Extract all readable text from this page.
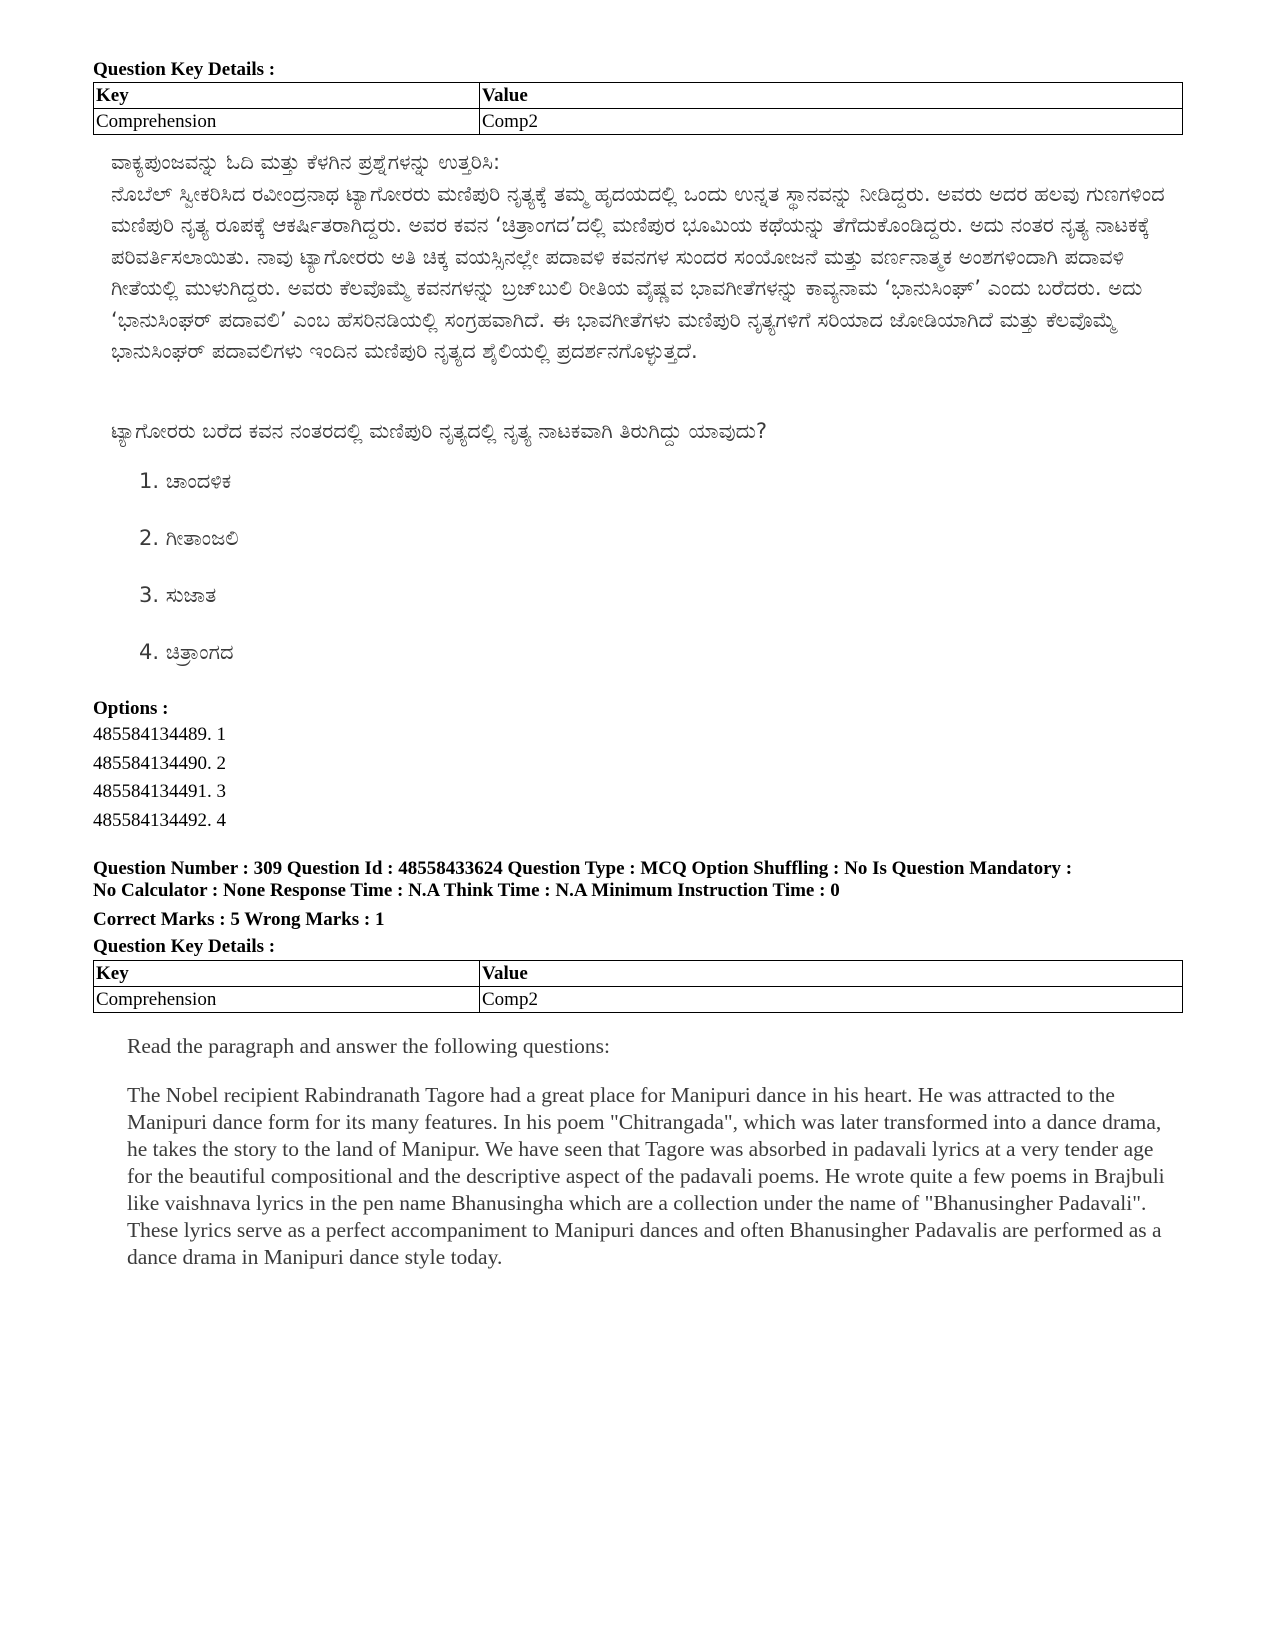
Question Key Details :
Key	Value
Comprehension	Comp2
ವಾಕ್ಯಪುಂಜವನ್ನು ಓದಿ ಮತ್ತು ಕೆಳಗಿನ ಪ್ರಶ್ನೆಗಳನ್ನು ಉತ್ತರಿಸಿ:
ನೊಬೆಲ್ ಸ್ವೀಕರಿಸಿದ ರವೀಂದ್ರನಾಥ ಟ್ಯಾಗೋರರು ಮಣಿಪುರಿ ನೃತ್ಯಕ್ಕೆ ತಮ್ಮ ಹೃದಯದಲ್ಲಿ ಒಂದು ಉನ್ನತ ಸ್ಥಾನವನ್ನು ನೀಡಿದ್ದರು. ಅವರು ಅದರ ಹಲವು ಗುಣಗಳಿಂದ ಮಣಿಪುರಿ ನೃತ್ಯ ರೂಪಕ್ಕೆ ಆಕರ್ಷಿತರಾಗಿದ್ದರು. ಅವರ ಕವನ ‘ಚಿತ್ರಾಂಗದ’ದಲ್ಲಿ ಮಣಿಪುರ ಭೂಮಿಯ ಕಥೆಯನ್ನು ತೆಗೆದುಕೊಂಡಿದ್ದರು. ಅದು ನಂತರ ನೃತ್ಯ ನಾಟಕಕ್ಕೆ ಪರಿವರ್ತಿಸಲಾಯಿತು. ನಾವು ಟ್ಯಾಗೋರರು ಅತಿ ಚಿಕ್ಕ ವಯಸ್ಸಿನಲ್ಲೇ ಪದಾವಳಿ ಕವನಗಳ ಸುಂದರ ಸಂಯೋಜನೆ ಮತ್ತು ವರ್ಣನಾತ್ಮಕ ಅಂಶಗಳಿಂದಾಗಿ ಪದಾವಳಿ ಗೀತೆಯಲ್ಲಿ ಮುಳುಗಿದ್ದರು. ಅವರು ಕೆಲವೊಮ್ಮೆ ಕವನಗಳನ್ನು ಬ್ರಜ್‌ಬುಲಿ ರೀತಿಯ ವೈಷ್ಣವ ಭಾವಗೀತೆಗಳನ್ನು ಕಾವ್ಯನಾಮ ‘ಭಾನುಸಿಂಘ್’ ಎಂದು ಬರೆದರು. ಅದು ‘ಭಾನುಸಿಂಘರ್ ಪದಾವಲಿ’ ಎಂಬ ಹೆಸರಿನಡಿಯಲ್ಲಿ ಸಂಗ್ರಹವಾಗಿದೆ. ಈ ಭಾವಗೀತೆಗಳು ಮಣಿಪುರಿ ನೃತ್ಯಗಳಿಗೆ ಸರಿಯಾದ ಜೋಡಿಯಾಗಿದೆ ಮತ್ತು ಕೆಲವೊಮ್ಮೆ ಭಾನುಸಿಂಘರ್ ಪದಾವಲಿಗಳು ಇಂದಿನ ಮಣಿಪುರಿ ನೃತ್ಯದ ಶೈಲಿಯಲ್ಲಿ ಪ್ರದರ್ಶನಗೊಳ್ಳುತ್ತದೆ.
ಟ್ಯಾಗೋರರು ಬರೆದ ಕವನ ನಂತರದಲ್ಲಿ ಮಣಿಪುರಿ ನೃತ್ಯದಲ್ಲಿ ನೃತ್ಯ ನಾಟಕವಾಗಿ ತಿರುಗಿದ್ದು ಯಾವುದು?
1. ಚಾಂದಳಿಕ
2. ಗೀತಾಂಜಲಿ
3. ಸುಜಾತ
4. ಚಿತ್ರಾಂಗದ
Options :
485584134489. 1
485584134490. 2
485584134491. 3
485584134492. 4
Question Number : 309 Question Id : 48558433624 Question Type : MCQ Option Shuffling : No Is Question Mandatory :
No Calculator : None Response Time : N.A Think Time : N.A Minimum Instruction Time : 0
Correct Marks : 5 Wrong Marks : 1
Question Key Details :
Key	Value
Comprehension	Comp2
Read the paragraph and answer the following questions:
The Nobel recipient Rabindranath Tagore had a great place for Manipuri dance in his heart. He was attracted to the Manipuri dance form for its many features. In his poem "Chitrangada", which was later transformed into a dance drama, he takes the story to the land of Manipur. We have seen that Tagore was absorbed in padavali lyrics at a very tender age for the beautiful compositional and the descriptive aspect of the padavali poems. He wrote quite a few poems in Brajbuli like vaishnava lyrics in the pen name Bhanusingha which are a collection under the name of "Bhanusingher Padavali". These lyrics serve as a perfect accompaniment to Manipuri dances and often Bhanusingher Padavalis are performed as a dance drama in Manipuri dance style today.
